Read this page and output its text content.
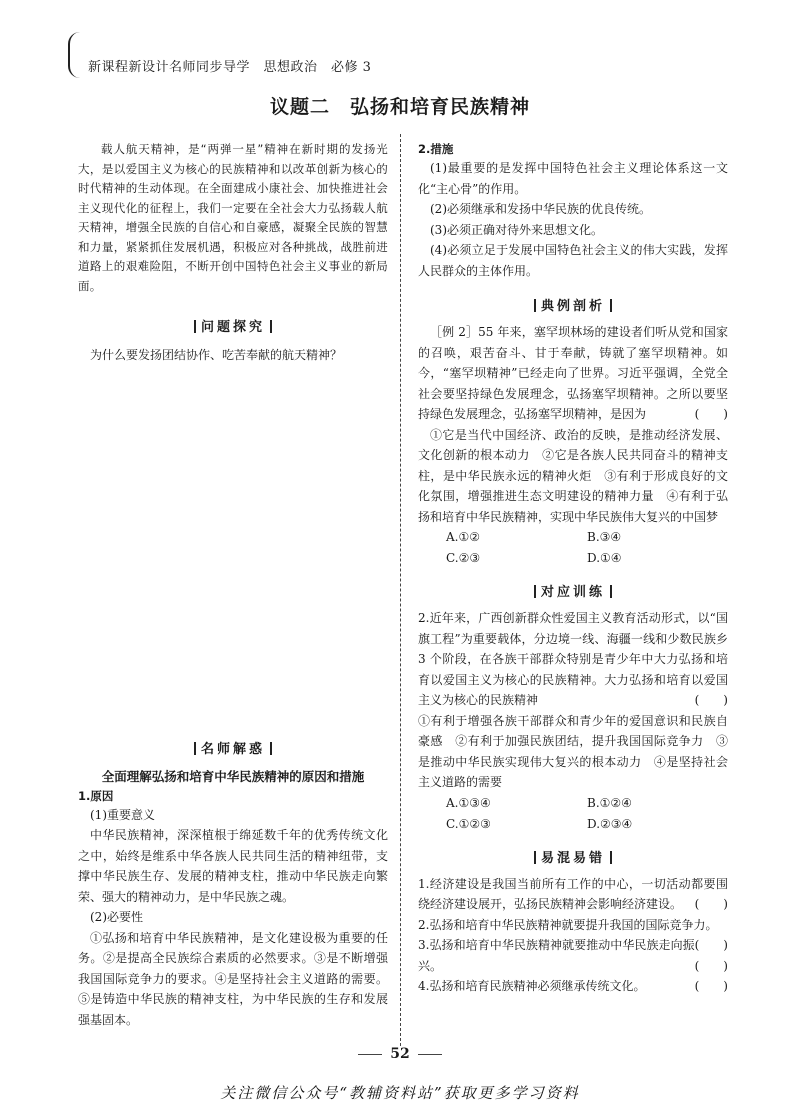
新课程新设计名师同步导学　思想政治　必修 3
议题二　弘扬和培育民族精神
载人航天精神，是“两弹一星”精神在新时期的发扬光大，是以爱国主义为核心的民族精神和以改革创新为核心的时代精神的生动体现。在全面建成小康社会、加快推进社会主义现代化的征程上，我们一定要在全社会大力弘扬载人航天精神，增强全民族的自信心和自豪感，凝聚全民族的智慧和力量，紧紧抓住发展机遇，积极应对各种挑战，战胜前进道路上的艰难险阻，不断开创中国特色社会主义事业的新局面。
问题探究
为什么要发扬团结协作、吃苦奉献的航天精神？
名师解惑
全面理解弘扬和培育中华民族精神的原因和措施
1.原因
(1)重要意义
中华民族精神，深深植根于绵延数千年的优秀传统文化之中，始终是维系中华各族人民共同生活的精神纽带，支撑中华民族生存、发展的精神支柱，推动中华民族走向繁荣、强大的精神动力，是中华民族之魂。
(2)必要性
①弘扬和培育中华民族精神，是文化建设极为重要的任务。②是提高全民族综合素质的必然要求。③是不断增强我国国际竞争力的要求。④是坚持社会主义道路的需要。⑤是铸造中华民族的精神支柱，为中华民族的生存和发展强基固本。
2.措施
(1)最重要的是发挥中国特色社会主义理论体系这一文化“主心骨”的作用。
(2)必须继承和发扬中华民族的优良传统。
(3)必须正确对待外来思想文化。
(4)必须立足于发展中国特色社会主义的伟大实践，发挥人民群众的主体作用。
典例剖析
［例 2］55 年来，塞罕坝林场的建设者们听从党和国家的召唤，艰苦奋斗、甘于奉献，铸就了塞罕坝精神。如今，“塞罕坝精神”已经走向了世界。习近平强调，全党全社会要坚持绿色发展理念，弘扬塞罕坝精神。之所以要坚持绿色发展理念，弘扬塞罕坝精神，是因为	(　　)
①它是当代中国经济、政治的反映，是推动经济发展、文化创新的根本动力　②它是各族人民共同奋斗的精神支柱，是中华民族永远的精神火炬　③有利于形成良好的文化氛围，增强推进生态文明建设的精神力量　④有利于弘扬和培育中华民族精神，实现中华民族伟大复兴的中国梦
A.①②	B.③④
C.②③	D.①④
对应训练
2.近年来，广西创新群众性爱国主义教育活动形式，以“国旗工程”为重要载体，分边境一线、海疆一线和少数民族乡 3 个阶段，在各族干部群众特别是青少年中大力弘扬和培育以爱国主义为核心的民族精神。大力弘扬和培育以爱国主义为核心的民族精神	(　　)
①有利于增强各族干部群众和青少年的爱国意识和民族自豪感　②有利于加强民族团结，提升我国国际竞争力　③是推动中华民族实现伟大复兴的根本动力　④是坚持社会主义道路的需要
A.①③④	B.①②④
C.①②③	D.②③④
易混易错
1.经济建设是我国当前所有工作的中心，一切活动都要围绕经济建设展开，弘扬民族精神会影响经济建设。 (　　)
2.弘扬和培育中华民族精神就要提升我国的国际竞争力。
(　　)
3.弘扬和培育中华民族精神就要推动中华民族走向振兴。	(　　)
4.弘扬和培育民族精神必须继承传统文化。	(　　)
52
关注微信公众号“教辅资料站”获取更多学习资料
